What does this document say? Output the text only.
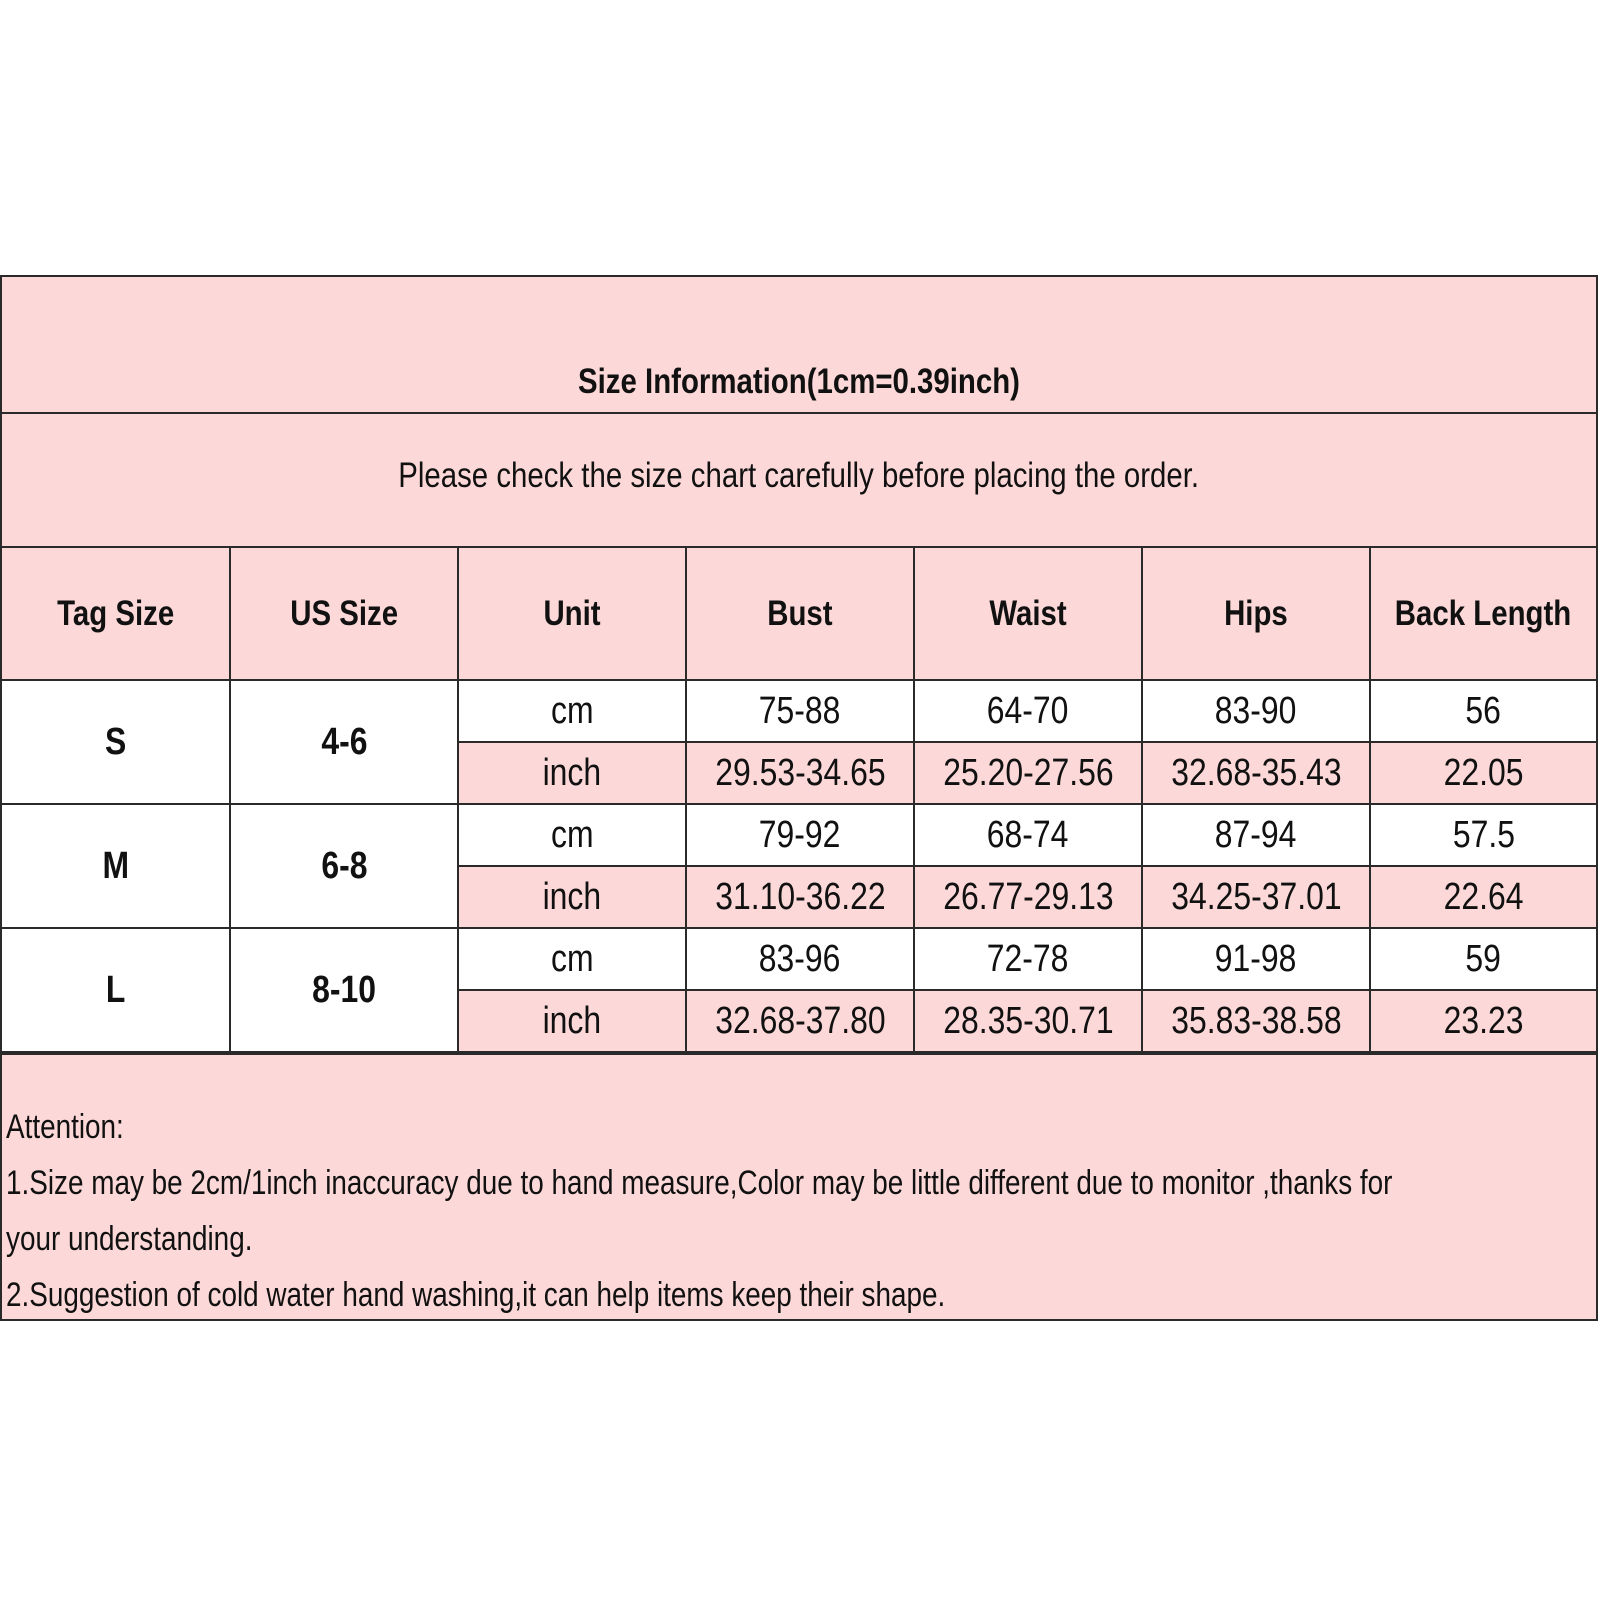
Size Information(1cm=0.39inch)
Please check the size chart carefully before placing the order.
Tag Size	US Size	Unit	Bust	Waist	Hips	Back Length
S	4-6	cm	75-88	64-70	83-90	56
		inch	29.53-34.65	25.20-27.56	32.68-35.43	22.05
M	6-8	cm	79-92	68-74	87-94	57.5
		inch	31.10-36.22	26.77-29.13	34.25-37.01	22.64
L	8-10	cm	83-96	72-78	91-98	59
		inch	32.68-37.80	28.35-30.71	35.83-38.58	23.23
Attention:
1.Size may be 2cm/1inch inaccuracy due to hand measure,Color may be little different due to monitor ,thanks for
your understanding.
2.Suggestion of cold water hand washing,it can help items keep their shape.
